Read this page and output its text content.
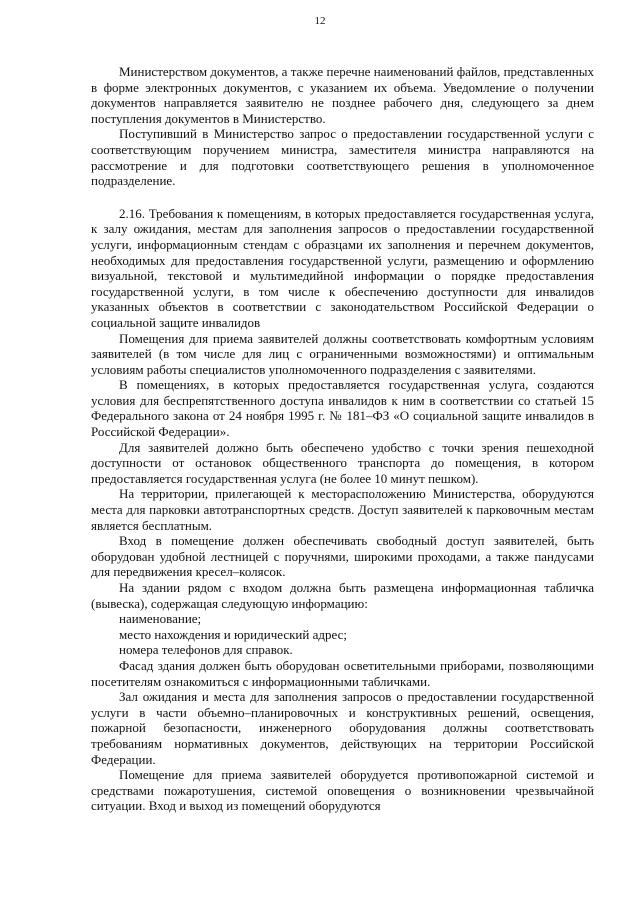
12

Министерством документов, а также перечне наименований файлов, представленных в форме электронных документов, с указанием их объема. Уведомление о получении документов направляется заявителю не позднее рабочего дня, следующего за днем поступления документов в Министерство.

Поступивший в Министерство запрос о предоставлении государственной услуги с соответствующим поручением министра, заместителя министра направляются на рассмотрение и для подготовки соответствующего решения в уполномоченное подразделение.

2.16. Требования к помещениям, в которых предоставляется государственная услуга, к залу ожидания, местам для заполнения запросов о предоставлении государственной услуги, информационным стендам с образцами их заполнения и перечнем документов, необходимых для предоставления государственной услуги, размещению и оформлению визуальной, текстовой и мультимедийной информации о порядке предоставления государственной услуги, в том числе к обеспечению доступности для инвалидов указанных объектов в соответствии с законодательством Российской Федерации о социальной защите инвалидов

Помещения для приема заявителей должны соответствовать комфортным условиям заявителей (в том числе для лиц с ограниченными возможностями) и оптимальным условиям работы специалистов уполномоченного подразделения с заявителями.

В помещениях, в которых предоставляется государственная услуга, создаются условия для беспрепятственного доступа инвалидов к ним в соответствии со статьей 15 Федерального закона от 24 ноября 1995 г. № 181–ФЗ «О социальной защите инвалидов в Российской Федерации».

Для заявителей должно быть обеспечено удобство с точки зрения пешеходной доступности от остановок общественного транспорта до помещения, в котором предоставляется государственная услуга (не более 10 минут пешком).

На территории, прилегающей к месторасположению Министерства, оборудуются места для парковки автотранспортных средств. Доступ заявителей к парковочным местам является бесплатным.

Вход в помещение должен обеспечивать свободный доступ заявителей, быть оборудован удобной лестницей с поручнями, широкими проходами, а также пандусами для передвижения кресел–колясок.

На здании рядом с входом должна быть размещена информационная табличка (вывеска), содержащая следующую информацию:

наименование;

место нахождения и юридический адрес;

номера телефонов для справок.

Фасад здания должен быть оборудован осветительными приборами, позволяющими посетителям ознакомиться с информационными табличками.

Зал ожидания и места для заполнения запросов о предоставлении государственной услуги в части объемно–планировочных и конструктивных решений, освещения, пожарной безопасности, инженерного оборудования должны соответствовать требованиям нормативных документов, действующих на территории Российской Федерации.

Помещение для приема заявителей оборудуется противопожарной системой и средствами пожаротушения, системой оповещения о возникновении чрезвычайной ситуации. Вход и выход из помещений оборудуются
